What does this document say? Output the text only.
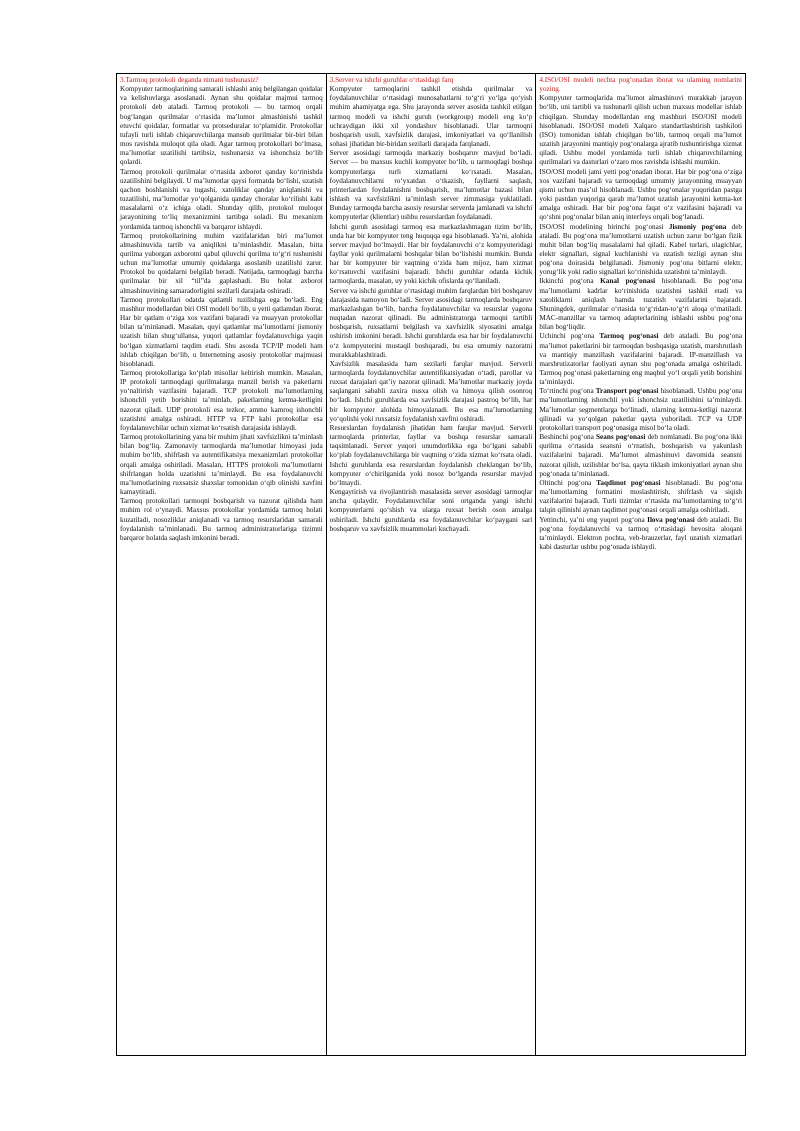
3.Tarmoq protokoli deganda nimani tushunasiz?

Kompyuter tarmoqlarining samarali ishlashi aniq belgilangan qoidalar va kelishuvlarga asoslanadi. Aynan shu qoidalar majmui tarmoq protokoli deb ataladi. Tarmoq protokoli — bu tarmoq orqali bog‘langan qurilmalar o‘rtasida ma’lumot almashinishi tashkil etuvchi qoidalar, formatlar va protseduralar to‘plamidir. Protokollar tufayli turli ishlab chiqaruvchilarga mansub qurilmalar bir-biri bilan mos ravishda muloqot qila oladi. Agar tarmoq protokollari bo‘lmasa, ma’lumotlar uzatilishi tartibsiz, tushunarsiz va ishonchsiz bo‘lib qolardi.

Tarmoq protokoli qurilmalar o‘rtasida axborot qanday ko‘rinishda uzatilishini belgilaydi. U ma’lumotlar qaysi formatda bo‘lishi, uzatish qachon boshlanishi va tugashi, xatoliklar qanday aniqlanishi va tuzatilishi, ma’lumotlar yo‘qolganida qanday choralar ko‘rilishi kabi masalalarni o‘z ichiga oladi. Shunday qilib, protokol muloqot jarayonining to‘liq mexanizmini tartibga soladi. Bu mexanizm yordamida tarmoq ishonchli va barqaror ishlaydi.

Tarmoq protokollarining muhim vazifalaridan biri ma’lumot almashinuvida tartib va aniqlikni ta’minlashdir. Masalan, bitta qurilma yuborgan axborotni qabul qiluvchi qurilma to‘g‘ri tushunishi uchun ma’lumotlar umumiy qoidalarga asoslanib uzatilishi zarur. Protokol bu qoidalarni belgilab beradi. Natijada, tarmoqdagi barcha qurilmalar bir xil “til”da gaplashadi. Bu holat axborot almashinuvining samaradorligini sezilarli darajada oshiradi.

Tarmoq protokollari odatda qatlamli tuzilishga ega bo‘ladi. Eng mashhur modellardan biri OSI modeli bo‘lib, u yetti qatlamdan iborat. Har bir qatlam o‘ziga xos vazifani bajaradi va muayyan protokollar bilan ta’minlanadi. Masalan, quyi qatlamlar ma’lumotlarni jismoniy uzatish bilan shug‘ullansa, yuqori qatlamlar foydalanuvchiga yaqin bo‘lgan xizmatlarni taqdim etadi. Shu asosda TCP/IP modeli ham ishlab chiqilgan bo‘lib, u Internetning asosiy protokollar majmuasi hisoblanadi.

Tarmoq protokollariga ko‘plab misollar keltirish mumkin. Masalan, IP protokoli tarmoqdagi qurilmalarga manzil berish va paketlarni yo‘naltirish vazifasini bajaradi. TCP protokoli ma’lumotlarning ishonchli yetib borishini ta’minlab, paketlarning ketma-ketligini nazorat qiladi. UDP protokoli esa tezkor, ammo kamroq ishonchli uzatishni amalga oshiradi. HTTP va FTP kabi protokollar esa foydalanuvchilar uchun xizmat ko‘rsatish darajasida ishlaydi.

Tarmoq protokollarining yana bir muhim jihati xavfsizlikni ta’minlash bilan bog‘liq. Zamonaviy tarmoqlarda ma’lumotlar himoyasi juda muhim bo‘lib, shifrlash va autentifikatsiya mexanizmlari protokollar orqali amalga oshiriladi. Masalan, HTTPS protokoli ma’lumotlarni shifrlangan holda uzatishni ta’minlaydi. Bu esa foydalanuvchi ma’lumotlarining ruxsatsiz shaxslar tomonidan o‘qib olinishi xavfini kamaytiradi.

Tarmoq protokollari tarmoqni boshqarish va nazorat qilishda ham muhim rol o‘ynaydi. Maxsus protokollar yordamida tarmoq holati kuzatiladi, nosozliklar aniqlanadi va tarmoq resurslaridan samarali foydalanish ta’minlanadi. Bu tarmoq administratorlariga tizimni barqaror holatda saqlash imkonini beradi.

3.Server va ishchi guruhlar o‘rtasidagi farq

Kompyuter tarmoqlarini tashkil etishda qurilmalar va foydalanuvchilar o‘rtasidagi munosabatlarni to‘g‘ri yo‘lga qo‘yish muhim ahamiyatga ega. Shu jarayonda server asosida tashkil etilgan tarmoq modeli va ishchi guruh (workgroup) modeli eng ko‘p uchraydigan ikki xil yondashuv hisoblanadi. Ular tarmoqni boshqarish usuli, xavfsizlik darajasi, imkoniyatlari va qo‘llanilish sohasi jihatidan bir-biridan sezilarli darajada farqlanadi.

Server asosidagi tarmoqda markaziy boshqaruv mavjud bo‘ladi. Server — bu maxsus kuchli kompyuter bo‘lib, u tarmoqdagi boshqa kompyuterlarga turli xizmatlarni ko‘rsatadi. Masalan, foydalanuvchilarni ro‘yxatdan o‘tkazish, fayllarni saqlash, printerlardan foydalanishni boshqarish, ma’lumotlar bazasi bilan ishlash va xavfsizlikni ta’minlash server zimmasiga yuklatiladi. Bunday tarmoqda barcha asosiy resurslar serverda jamlanadi va ishchi kompyuterlar (klientlar) ushbu resurslardan foydalanadi.

Ishchi guruh asosidagi tarmoq esa markazlashmagan tizim bo‘lib, unda har bir kompyuter teng huquqqa ega hisoblanadi. Ya’ni, alohida server mavjud bo‘lmaydi. Har bir foydalanuvchi o‘z kompyuteridagi fayllar yoki qurilmalarni boshqalar bilan bo‘lishishi mumkin. Bunda har bir kompyuter bir vaqtning o‘zida ham mijoz, ham xizmat ko‘rsatuvchi vazifasini bajaradi. Ishchi guruhlar odatda kichik tarmoqlarda, masalan, uy yoki kichik ofislarda qo‘llaniladi.

Server va ishchi guruhlar o‘rtasidagi muhim farqlardan biri boshqaruv darajasida namoyon bo‘ladi. Server asosidagi tarmoqlarda boshqaruv markazlashgan bo‘lib, barcha foydalanuvchilar va resurslar yagona nuqtadan nazorat qilinadi. Bu administratorga tarmoqni tartibli boshqarish, ruxsatlarni belgilash va xavfsizlik siyosatini amalga oshirish imkonini beradi. Ishchi guruhlarda esa har bir foydalanuvchi o‘z kompyuterini mustaqil boshqaradi, bu esa umumiy nazoratni murakkablashtiradi.

Xavfsizlik masalasida ham sezilarli farqlar mavjud. Serverli tarmoqlarda foydalanuvchilar autentifikatsiyadan o‘tadi, parollar va ruxsat darajalari qat’iy nazorat qilinadi. Ma’lumotlar markaziy joyda saqlangani sababli zaxira nusxa olish va himoya qilish osonroq bo‘ladi. Ishchi guruhlarda esa xavfsizlik darajasi pastroq bo‘lib, har bir kompyuter alohida himoyalanadi. Bu esa ma’lumotlarning yo‘qolishi yoki ruxsatsiz foydalanish xavfini oshiradi.

Resurslardan foydalanish jihatidan ham farqlar mavjud. Serverli tarmoqlarda printerlar, fayllar va boshqa resurslar samarali taqsimlanadi. Server yuqori unumdorlikka ega bo‘lgani sababli ko‘plab foydalanuvchilarga bir vaqtning o‘zida xizmat ko‘rsata oladi. Ishchi guruhlarda esa resurslardan foydalanish cheklangan bo‘lib, kompyuter o‘chirilganida yoki nosoz bo‘lganda resurslar mavjud bo‘lmaydi.

Kengaytirish va rivojlantirish masalasida server asosidagi tarmoqlar ancha qulaydir. Foydalanuvchilar soni ortganda yangi ishchi kompyuterlarni qo‘shish va ularga ruxsat berish oson amalga oshiriladi. Ishchi guruhlarda esa foydalanuvchilar ko‘paygani sari boshqaruv va xavfsizlik muammolari kuchayadi.

4.ISO/OSI modeli nechta pog‘onadan iborat va ularning nomlarini yozing.

Kompyuter tarmoqlarida ma’lumot almashinuvi murakkab jarayon bo‘lib, uni tartibli va tushunarli qilish uchun maxsus modellar ishlab chiqilgan. Shunday modellardan eng mashhuri ISO/OSI modeli hisoblanadi. ISO/OSI modeli Xalqaro standartlashtirish tashkiloti (ISO) tomonidan ishlab chiqilgan bo‘lib, tarmoq orqali ma’lumot uzatish jarayonini mantiqiy pog‘onalarga ajratib tushuntirishga xizmat qiladi. Ushbu model yordamida turli ishlab chiqaruvchilarning qurilmalari va dasturlari o‘zaro mos ravishda ishlashi mumkin.

ISO/OSI modeli jami yetti pog‘onadan iborat. Har bir pog‘ona o‘ziga xos vazifani bajaradi va tarmoqdagi umumiy jarayonning muayyan qismi uchun mas’ul hisoblanadi. Ushbu pog‘onalar yuqoridan pastga yoki pastdan yuqoriga qarab ma’lumot uzatish jarayonini ketma-ket amalga oshiradi. Har bir pog‘ona faqat o‘z vazifasini bajaradi va qo‘shni pog‘onalar bilan aniq interfeys orqali bog‘lanadi.

ISO/OSI modelining birinchi pog‘onasi Jismoniy pog‘ona deb ataladi. Bu pog‘ona ma’lumotlarni uzatish uchun zarur bo‘lgan fizik muhit bilan bog‘liq masalalarni hal qiladi. Kabel turlari, ulagichlar, elektr signallari, signal kuchlanishi va uzatish tezligi aynan shu pog‘ona doirasida belgilanadi. Jismoniy pog‘ona bitlarni elektr, yorug‘lik yoki radio signallari ko‘rinishida uzatishni ta’minlaydi.

Ikkinchi pog‘ona Kanal pog‘onasi hisoblanadi. Bu pog‘ona ma’lumotlarni kadrlar ko‘rinishida uzatishni tashkil etadi va xatoliklarni aniqlash hamda tuzatish vazifalarini bajaradi. Shuningdek, qurilmalar o‘rtasida to‘g‘ridan-to‘g‘ri aloqa o‘rnatiladi. MAC-manzillar va tarmoq adapterlarining ishlashi ushbu pog‘ona bilan bog‘liqdir.

Uchinchi pog‘ona Tarmoq pog‘onasi deb ataladi. Bu pog‘ona ma’lumot paketlarini bir tarmoqdan boshqasiga uzatish, marshrutlash va mantiqiy manzillash vazifalarini bajaradi. IP-manzillash va marshrutizatorlar faoliyati aynan shu pog‘onada amalga oshiriladi. Tarmoq pog‘onasi paketlarning eng maqbul yo‘l orqali yetib borishini ta’minlaydi.

To‘rtinchi pog‘ona Transport pog‘onasi hisoblanadi. Ushbu pog‘ona ma’lumotlarning ishonchli yoki ishonchsiz uzatilishini ta’minlaydi. Ma’lumotlar segmentlarga bo‘linadi, ularning ketma-ketligi nazorat qilinadi va yo‘qolgan paketlar qayta yuboriladi. TCP va UDP protokollari transport pog‘onasiga misol bo‘la oladi.

Beshinchi pog‘ona Seans pog‘onasi deb nomlanadi. Bu pog‘ona ikki qurilma o‘rtasida seansni o‘rnatish, boshqarish va yakunlash vazifalarini bajaradi. Ma’lumot almashinuvi davomida seansni nazorat qilish, uzilishlar bo‘lsa, qayta tiklash imkoniyatlari aynan shu pog‘onada ta’minlanadi.

Oltinchi pog‘ona Taqdimot pog‘onasi hisoblanadi. Bu pog‘ona ma’lumotlarning formatini moslashtirish, shifrlash va siqish vazifalarini bajaradi. Turli tizimlar o‘rtasida ma’lumotlarning to‘g‘ri talqin qilinishi aynan taqdimot pog‘onasi orqali amalga oshiriladi.

Yettinchi, ya’ni eng yuqori pog‘ona Ilova pog‘onasi deb ataladi. Bu pog‘ona foydalanuvchi va tarmoq o‘rtasidagi bevosita aloqani ta’minlaydi. Elektron pochta, veb-brauzerlar, fayl uzatish xizmatlari kabi dasturlar ushbu pog‘onada ishlaydi.
